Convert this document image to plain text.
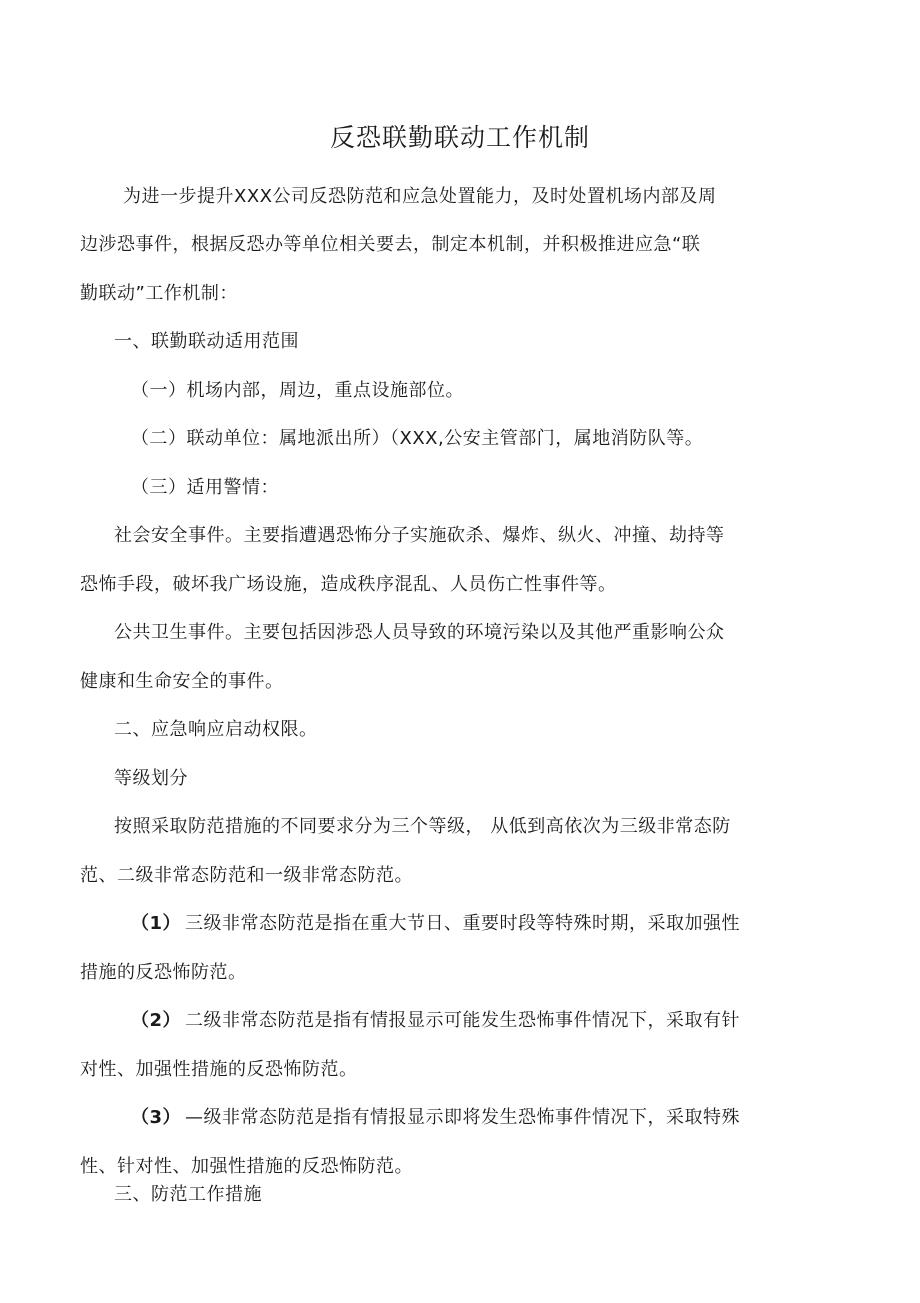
反恐联勤联动工作机制
为进一步提升XXX公司反恐防范和应急处置能力，及时处置机场内部及周
边涉恐事件，根据反恐办等单位相关要去，制定本机制，并积极推进应急“联
勤联动”工作机制：
一、联勤联动适用范围
（一）机场内部，周边，重点设施部位。
（二）联动单位：属地派出所）（XXX,公安主管部门，属地消防队等。
（三）适用警情：
社会安全事件。主要指遭遇恐怖分子实施砍杀、爆炸、纵火、冲撞、劫持等
恐怖手段，破坏我广场设施，造成秩序混乱、人员伤亡性事件等。
公共卫生事件。主要包括因涉恐人员导致的环境污染以及其他严重影响公众
健康和生命安全的事件。
二、应急响应启动权限。
等级划分
按照采取防范措施的不同要求分为三个等级， 从低到高依次为三级非常态防
范、二级非常态防范和一级非常态防范。
（1） 三级非常态防范是指在重大节日、重要时段等特殊时期，采取加强性
措施的反恐怖防范。
（2） 二级非常态防范是指有情报显示可能发生恐怖事件情况下，采取有针
对性、加强性措施的反恐怖防范。
（3） —级非常态防范是指有情报显示即将发生恐怖事件情况下，采取特殊
性、针对性、加强性措施的反恐怖防范。
三、防范工作措施
